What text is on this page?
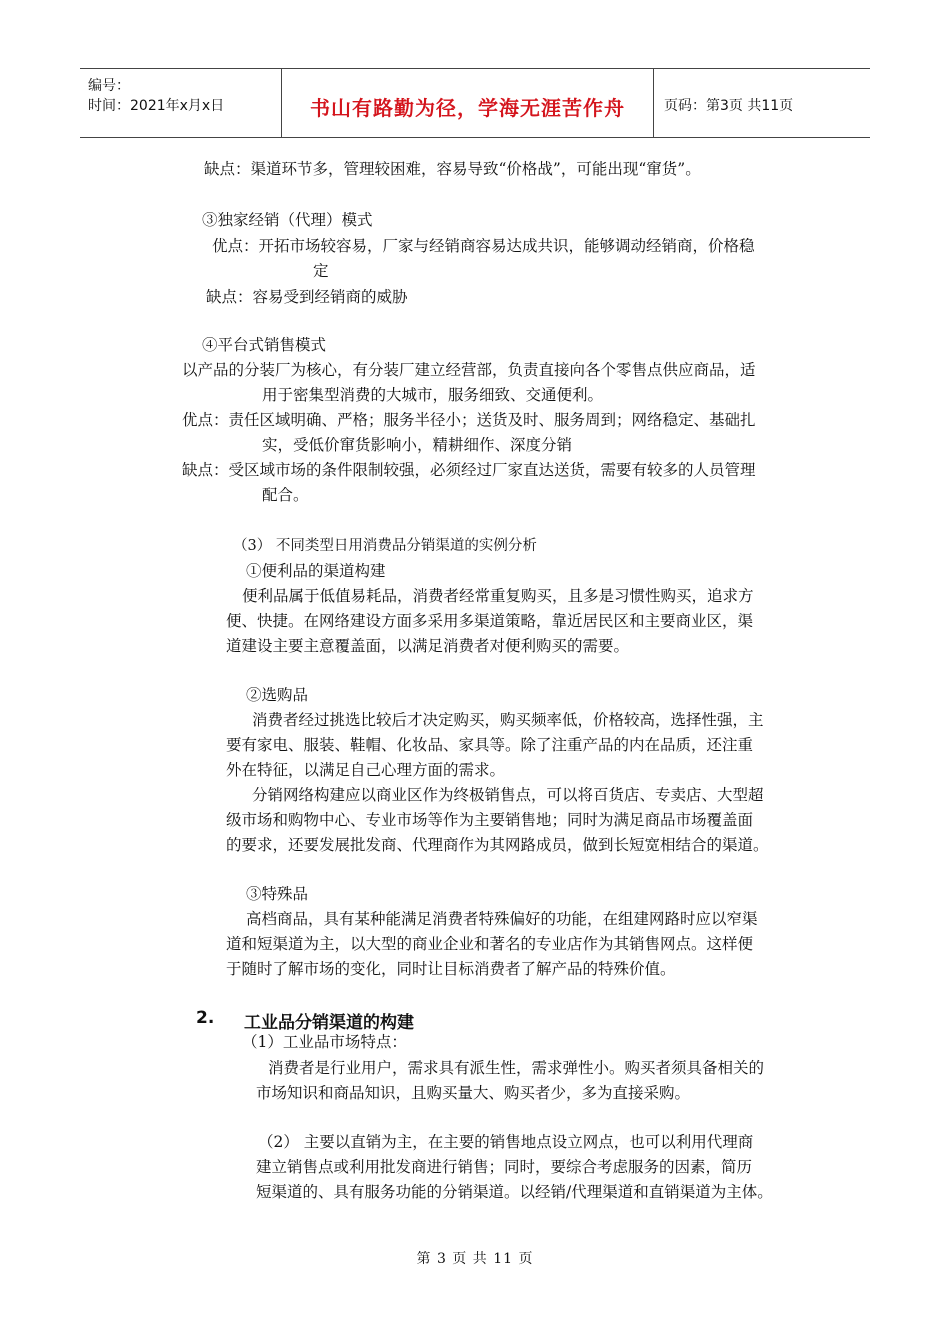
编号：
时间：2021年x月x日	书山有路勤为径，学海无涯苦作舟	页码：第3页 共11页
缺点：渠道环节多，管理较困难，容易导致“价格战”，可能出现“窜货”。
③独家经销（代理）模式
优点：开拓市场较容易，厂家与经销商容易达成共识，能够调动经销商，价格稳
定
缺点：容易受到经销商的威胁
④平台式销售模式
以产品的分装厂为核心，有分装厂建立经营部，负责直接向各个零售点供应商品，适
用于密集型消费的大城市，服务细致、交通便利。
优点：责任区域明确、严格；服务半径小；送货及时、服务周到；网络稳定、基础扎
实，受低价窜货影响小，精耕细作、深度分销
缺点：受区域市场的条件限制较强，必须经过厂家直达送货，需要有较多的人员管理
配合。
（3） 不同类型日用消费品分销渠道的实例分析
①便利品的渠道构建
便利品属于低值易耗品，消费者经常重复购买，且多是习惯性购买，追求方
便、快捷。在网络建设方面多采用多渠道策略，靠近居民区和主要商业区，渠
道建设主要主意覆盖面，以满足消费者对便利购买的需要。
②选购品
消费者经过挑选比较后才决定购买，购买频率低，价格较高，选择性强，主
要有家电、服装、鞋帽、化妆品、家具等。除了注重产品的内在品质，还注重
外在特征，以满足自己心理方面的需求。
分销网络构建应以商业区作为终极销售点，可以将百货店、专卖店、大型超
级市场和购物中心、专业市场等作为主要销售地；同时为满足商品市场覆盖面
的要求，还要发展批发商、代理商作为其网路成员，做到长短宽相结合的渠道。
③特殊品
高档商品，具有某种能满足消费者特殊偏好的功能，在组建网路时应以窄渠
道和短渠道为主，以大型的商业企业和著名的专业店作为其销售网点。这样便
于随时了解市场的变化，同时让目标消费者了解产品的特殊价值。
2. 工业品分销渠道的构建
（1）工业品市场特点：
消费者是行业用户，需求具有派生性，需求弹性小。购买者须具备相关的
市场知识和商品知识，且购买量大、购买者少，多为直接采购。
（2） 主要以直销为主，在主要的销售地点设立网点，也可以利用代理商
建立销售点或利用批发商进行销售；同时，要综合考虑服务的因素，简历
短渠道的、具有服务功能的分销渠道。以经销/代理渠道和直销渠道为主体。
第 3 页 共 11 页
